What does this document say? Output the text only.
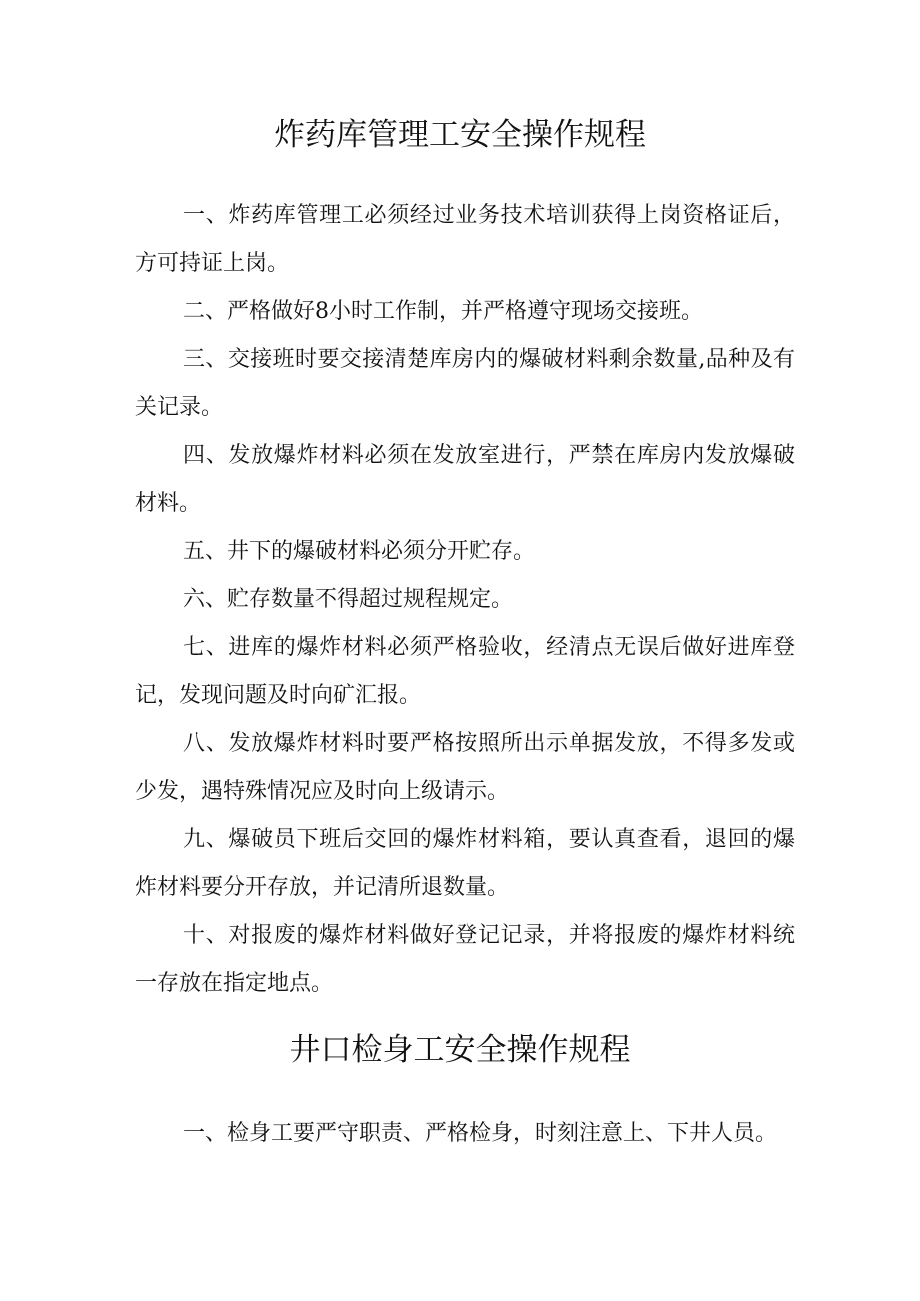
炸药库管理工安全操作规程

一、炸药库管理工必须经过业务技术培训获得上岗资格证后，方可持证上岗。

二、严格做好8小时工作制，并严格遵守现场交接班。

三、交接班时要交接清楚库房内的爆破材料剩余数量,品种及有关记录。

四、发放爆炸材料必须在发放室进行，严禁在库房内发放爆破材料。

五、井下的爆破材料必须分开贮存。

六、贮存数量不得超过规程规定。

七、进库的爆炸材料必须严格验收，经清点无误后做好进库登记，发现问题及时向矿汇报。

八、发放爆炸材料时要严格按照所出示单据发放，不得多发或少发，遇特殊情况应及时向上级请示。

九、爆破员下班后交回的爆炸材料箱，要认真查看，退回的爆炸材料要分开存放，并记清所退数量。

十、对报废的爆炸材料做好登记记录，并将报废的爆炸材料统一存放在指定地点。

井口检身工安全操作规程

一、检身工要严守职责、严格检身，时刻注意上、下井人员。
